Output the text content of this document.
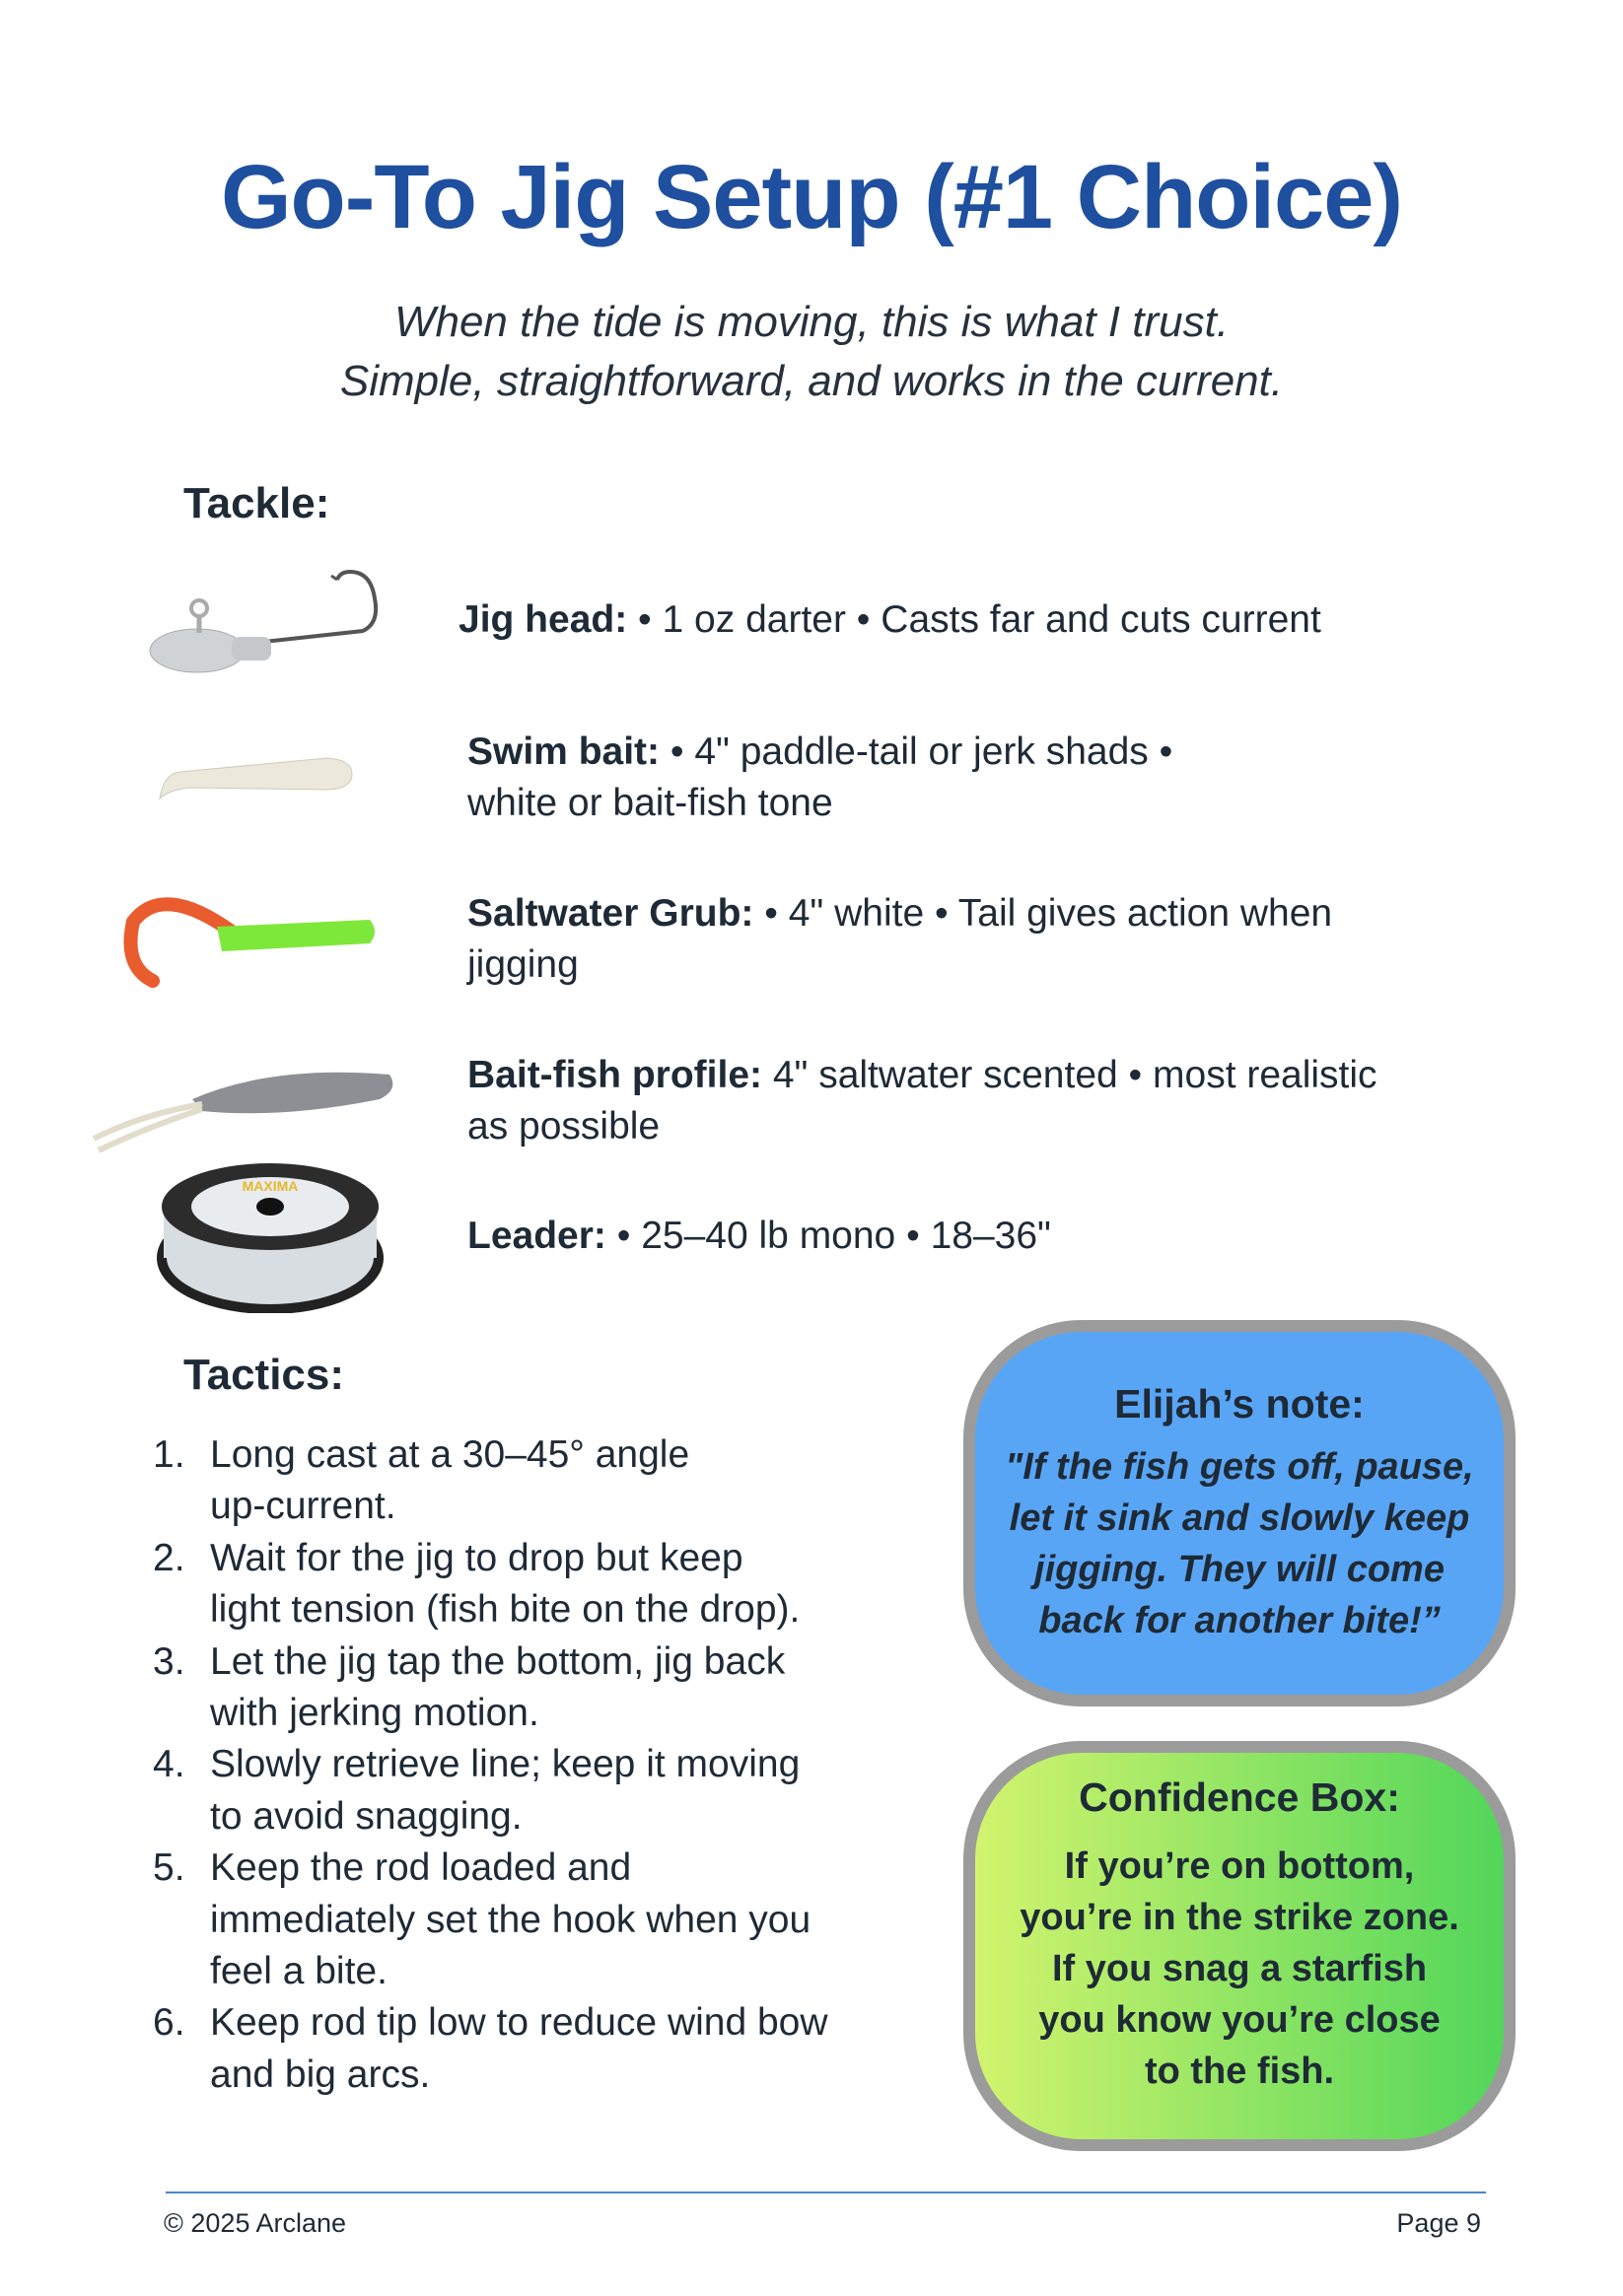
Go-To Jig Setup (#1 Choice)
When the tide is moving, this is what I trust.
Simple, straightforward, and works in the current.
Tackle:
MAXIMA
Jig head: • 1 oz darter • Casts far and cuts current
Swim bait: • 4" paddle-tail or jerk shads •
white or bait-fish tone
Saltwater Grub: • 4" white • Tail gives action when
jigging
Bait-fish profile: 4" saltwater scented • most realistic
as possible
Leader: • 25–40 lb mono • 18–36"
Tactics:
1. Long cast at a 30–45° angle
up-current.
2. Wait for the jig to drop but keep
light tension (fish bite on the drop).
3. Let the jig tap the bottom, jig back
with jerking motion.
4. Slowly retrieve line; keep it moving
to avoid snagging.
5. Keep the rod loaded and
immediately set the hook when you
feel a bite.
6. Keep rod tip low to reduce wind bow
and big arcs.
Elijah’s note:
"If the fish gets off, pause,
let it sink and slowly keep
jigging. They will come
back for another bite!”
Confidence Box:
If you’re on bottom,
you’re in the strike zone.
If you snag a starfish
you know you’re close
to the fish.
© 2025 Arclane	Page 9
